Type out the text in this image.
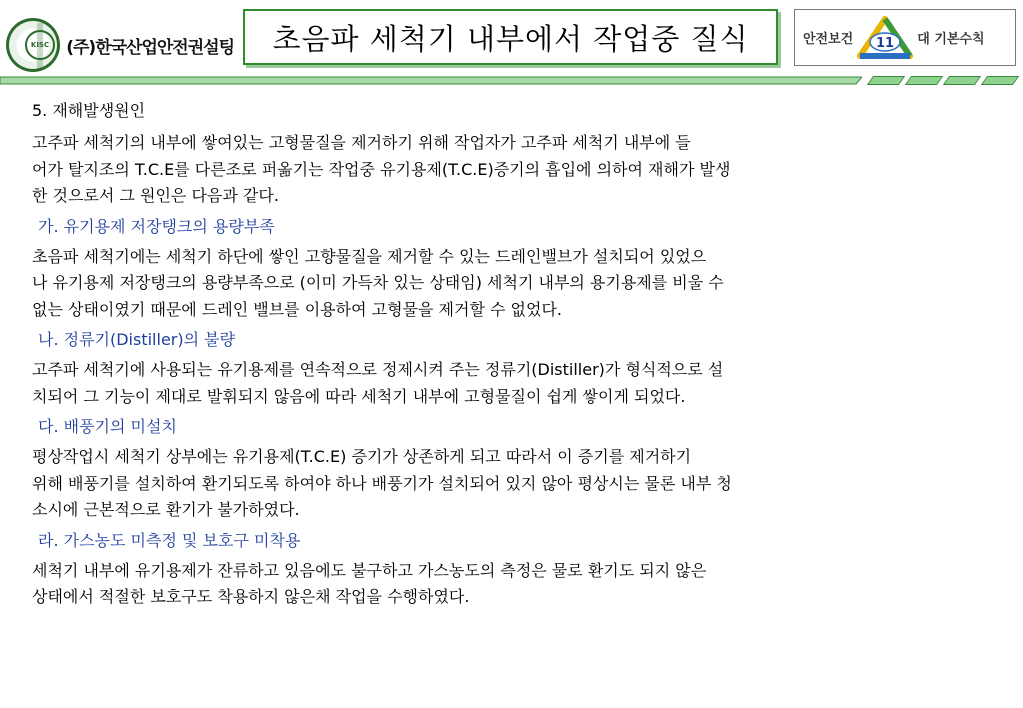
KISC (주)한국산업안전권설팅 초음파 세척기 내부에서 작업중 질식	안전보건 11 대 기본수칙
5. 재해발생원인

고주파 세척기의 내부에 쌓여있는 고형물질을 제거하기 위해 작업자가 고주파 세척기 내부에 들
어가 탈지조의 T.C.E를 다른조로 퍼옮기는 작업중 유기용제(T.C.E)증기의 흡입에 의하여 재해가 발생
한 것으로서 그 원인은 다음과 같다.

가. 유기용제 저장탱크의 용량부족

초음파 세척기에는 세척기 하단에 쌓인 고향물질을 제거할 수 있는 드레인밸브가 설치되어 있었으
나 유기용제 저장탱크의 용량부족으로 (이미 가득차 있는 상태임) 세척기 내부의 용기용제를 비울 수
없는 상태이였기 때문에 드레인 밸브를 이용하여 고형물을 제거할 수 없었다.

나. 정류기(Distiller)의 불량

고주파 세척기에 사용되는 유기용제를 연속적으로 정제시켜 주는 정류기(Distiller)가 형식적으로 설
치되어 그 기능이 제대로 발휘되지 않음에 따라 세척기 내부에 고형물질이 쉽게 쌓이게 되었다.

다. 배풍기의 미설치

평상작업시 세척기 상부에는 유기용제(T.C.E) 증기가 상존하게 되고 따라서 이 증기를 제거하기
위해 배풍기를 설치하여 환기되도록 하여야 하나 배풍기가 설치되어 있지 않아 평상시는 물론 내부 청
소시에 근본적으로 환기가 불가하였다.

라. 가스농도 미측정 및 보호구 미착용

세척기 내부에 유기용제가 잔류하고 있음에도 불구하고 가스농도의 측정은 물로 환기도 되지 않은
상태에서 적절한 보호구도 착용하지 않은채 작업을 수행하였다.
